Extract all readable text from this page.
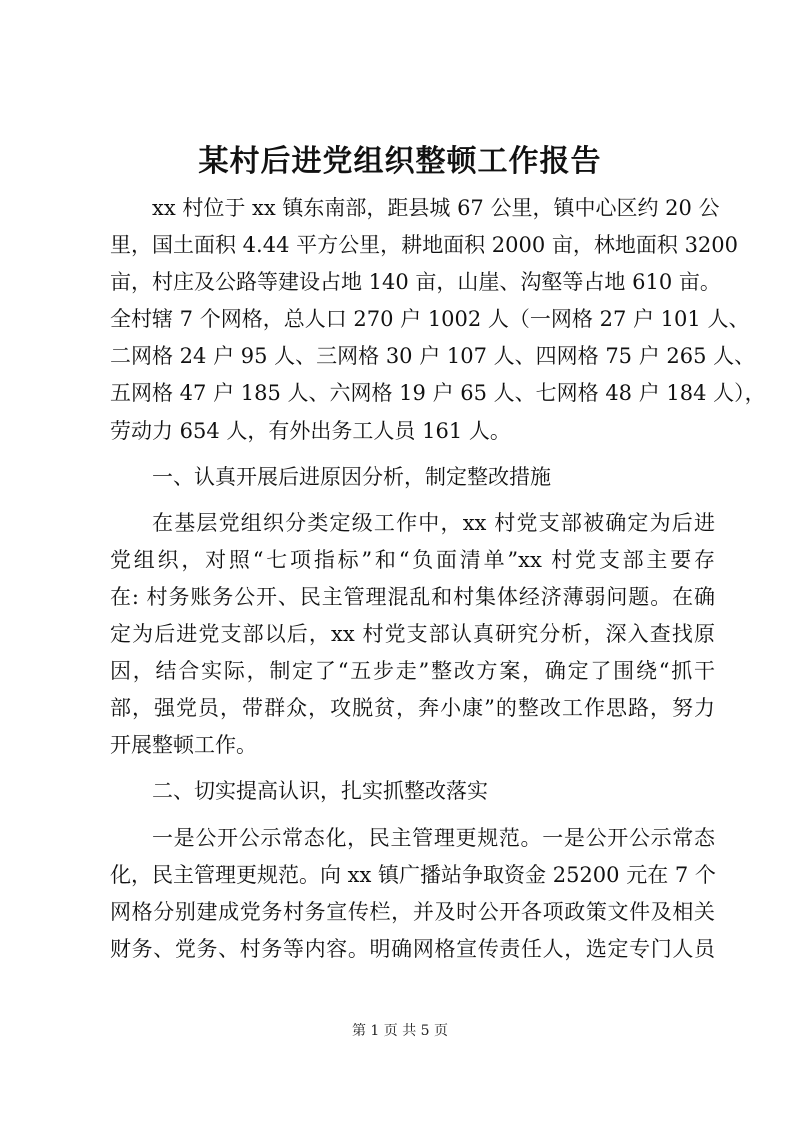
某村后进党组织整顿工作报告
xx 村位于 xx 镇东南部，距县城 67 公里，镇中心区约 20 公
里，国土面积 4.44 平方公里，耕地面积 2000 亩，林地面积 3200
亩，村庄及公路等建设占地 140 亩，山崖、沟壑等占地 610 亩。
全村辖 7 个网格，总人口 270 户 1002 人（一网格 27 户 101 人、
二网格 24 户 95 人、三网格 30 户 107 人、四网格 75 户 265 人、
五网格 47 户 185 人、六网格 19 户 65 人、七网格 48 户 184 人），
劳动力 654 人，有外出务工人员 161 人。
一、认真开展后进原因分析，制定整改措施
在基层党组织分类定级工作中，xx 村党支部被确定为后进
党组织，对照“七项指标”和“负面清单”xx 村党支部主要存
在: 村务账务公开、民主管理混乱和村集体经济薄弱问题。在确
定为后进党支部以后，xx 村党支部认真研究分析，深入查找原
因，结合实际，制定了“五步走”整改方案，确定了围绕“抓干
部，强党员，带群众，攻脱贫，奔小康”的整改工作思路，努力
开展整顿工作。
二、切实提高认识，扎实抓整改落实
一是公开公示常态化，民主管理更规范。一是公开公示常态
化，民主管理更规范。向 xx 镇广播站争取资金 25200 元在 7 个
网格分别建成党务村务宣传栏，并及时公开各项政策文件及相关
财务、党务、村务等内容。明确网格宣传责任人，选定专门人员
第 1 页 共 5 页
